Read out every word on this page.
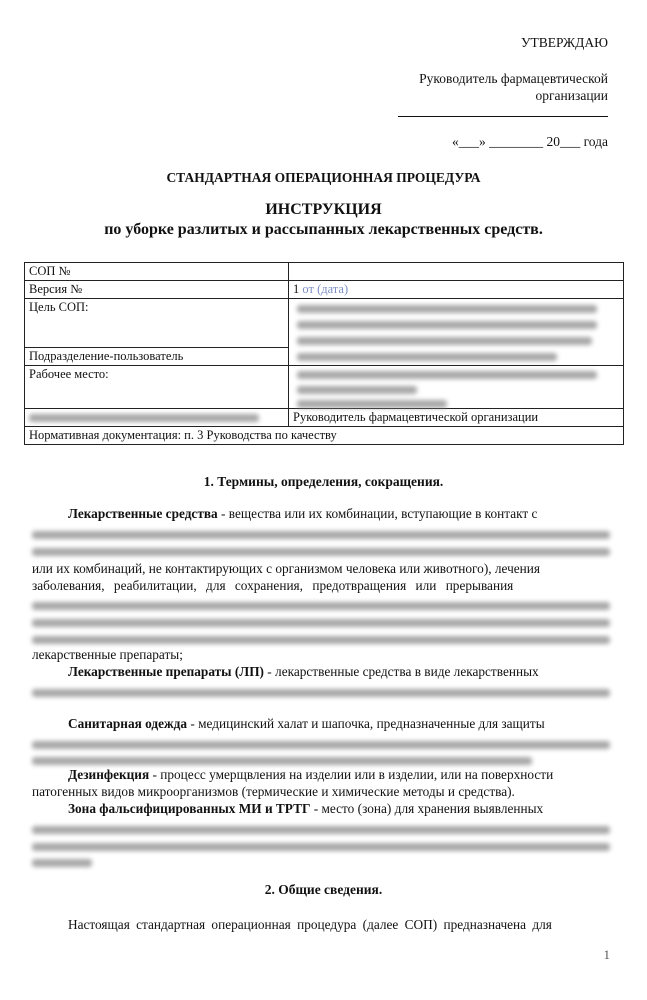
УТВЕРЖДАЮ
Руководитель фармацевтической
организации
«___» ________ 20___ года
СТАНДАРТНАЯ ОПЕРАЦИОННАЯ ПРОЦЕДУРА
ИНСТРУКЦИЯ
по уборке разлитых и рассыпанных лекарственных средств.
СОП №	
Версия №	1 от (дата)
Цель СОП:	

Подразделение-пользователь	
Рабочее место:	

	Руководитель фармацевтической организации
Нормативная документация: п. 3 Руководства по качеству	
1. Термины, определения, сокращения.
Лекарственные средства - вещества или их комбинации, вступающие в контакт с
или их комбинаций, не контактирующих с организмом человека или животного), лечения
заболевания, реабилитации, для сохранения, предотвращения или прерывания
лекарственные препараты;
Лекарственные препараты (ЛП) - лекарственные средства в виде лекарственных
Санитарная одежда - медицинский халат и шапочка, предназначенные для защиты
Дезинфекция - процесс умерщвления на изделии или в изделии, или на поверхности
патогенных видов микроорганизмов (термические и химические методы и средства).
Зона фальсифицированных МИ и ТРТГ - место (зона) для хранения выявленных
2. Общие сведения.
Настоящая стандартная операционная процедура (далее СОП) предназначена для
1
